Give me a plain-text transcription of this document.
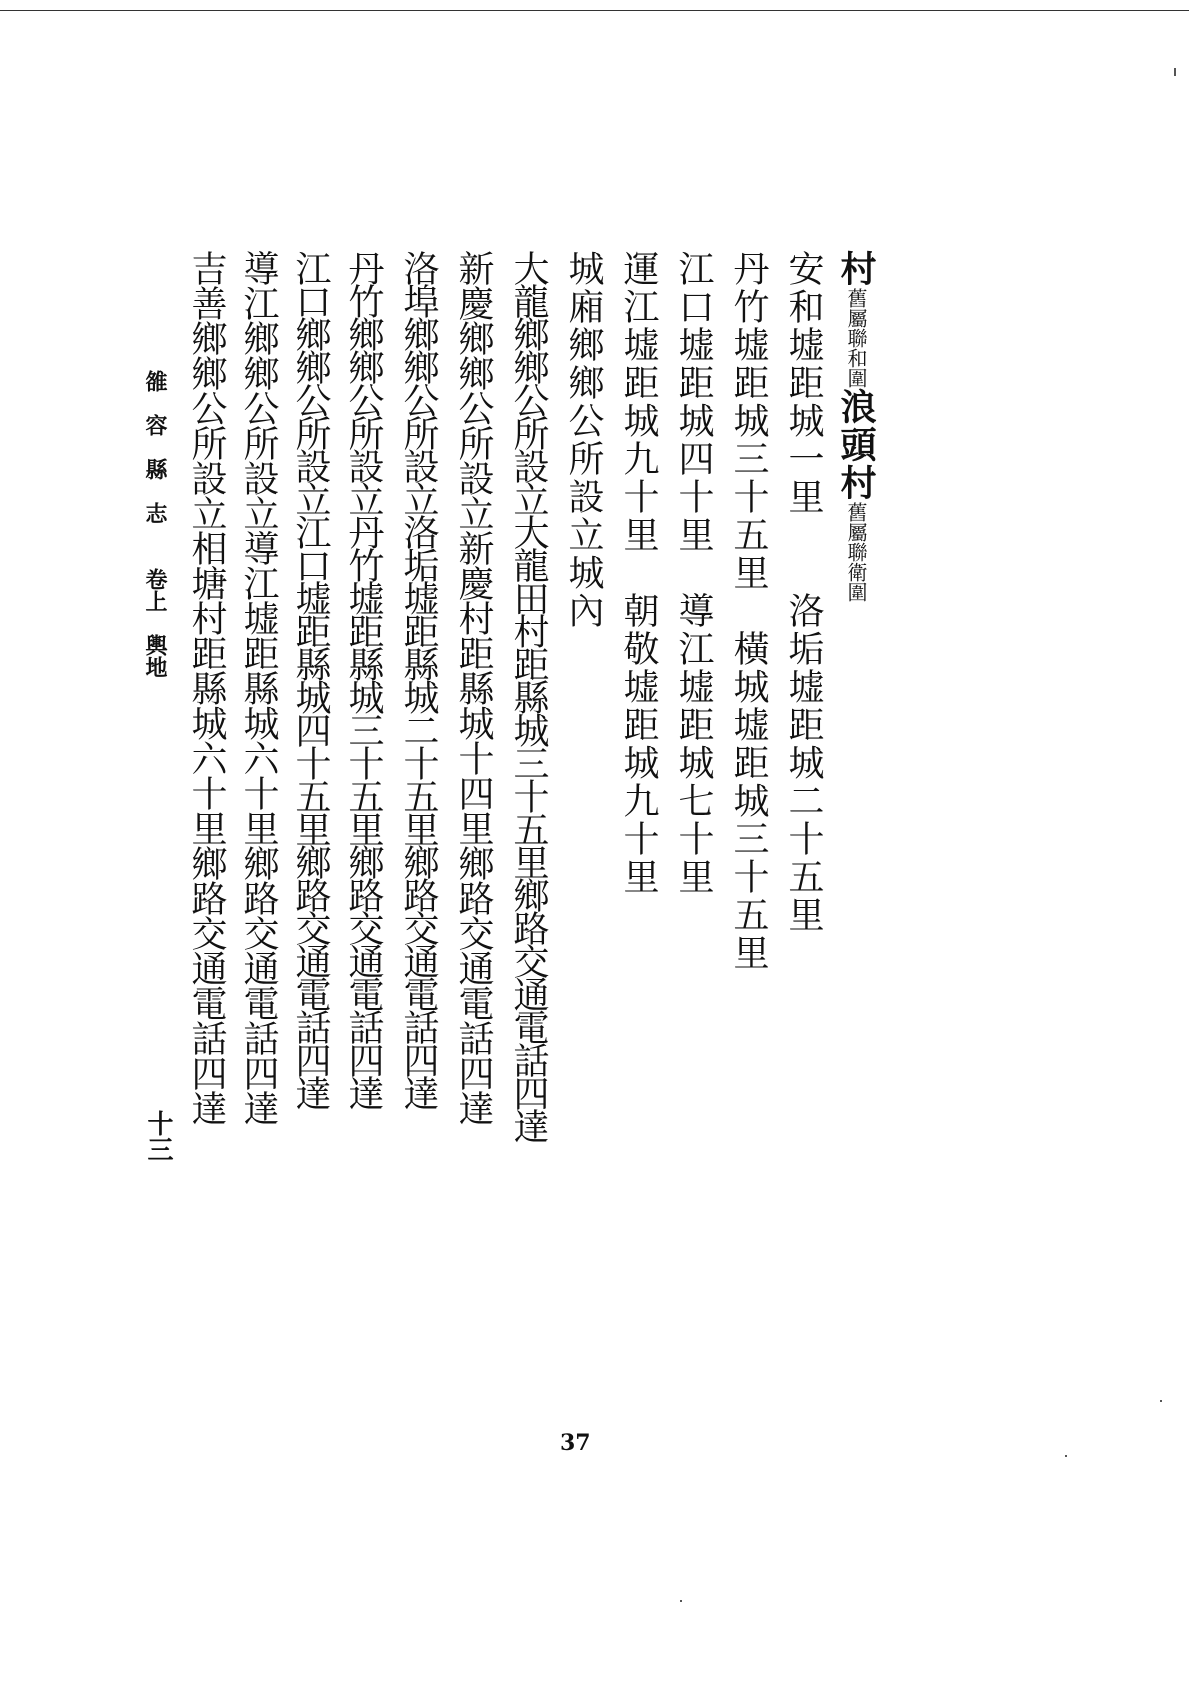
村舊屬聯和圍浪頭村舊屬聯衛圍
安和墟距城一里　　洛垢墟距城二十五里
丹竹墟距城三十五里　橫城墟距城三十五里
江口墟距城四十里　導江墟距城七十里
運江墟距城九十里　朝敬墟距城九十里
城廂鄉鄉公所設立城內
大龍鄉鄉公所設立大龍田村距縣城三十五里鄉路交通電話四達
新慶鄉鄉公所設立新慶村距縣城十四里鄉路交通電話四達
洛埠鄉鄉公所設立洛垢墟距縣城二十五里鄉路交通電話四達
丹竹鄉鄉公所設立丹竹墟距縣城三十五里鄉路交通電話四達
江口鄉鄉公所設立江口墟距縣城四十五里鄉路交通電話四達
導江鄉鄉公所設立導江墟距縣城六十里鄉路交通電話四達
吉善鄉鄉公所設立相塘村距縣城六十里鄉路交通電話四達
雒　容　縣　志　　卷上　輿地
十三
37
